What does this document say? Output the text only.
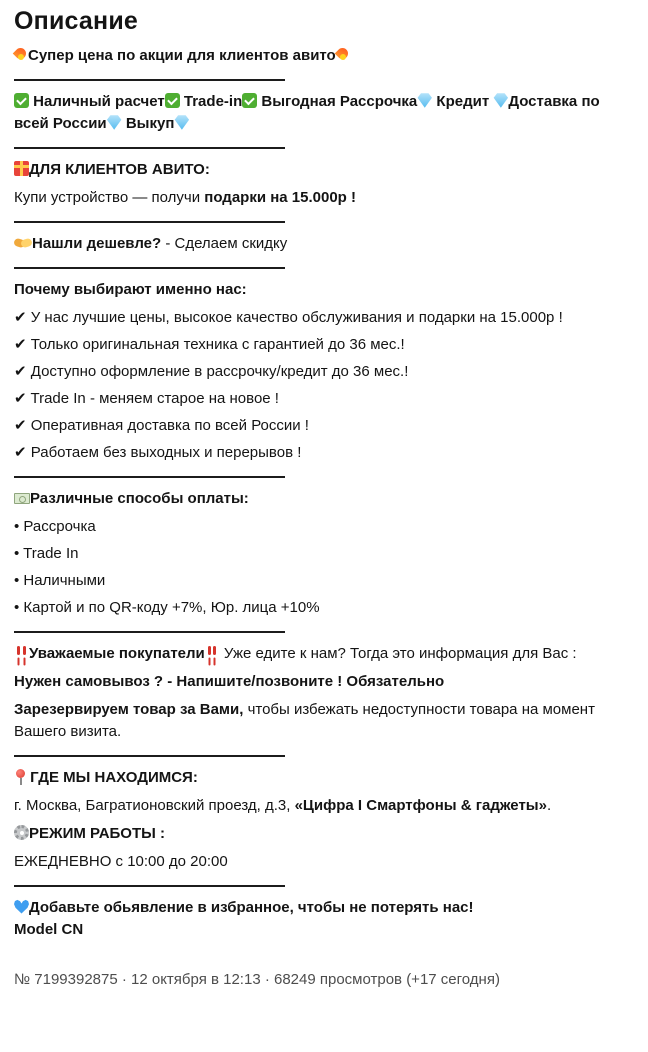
Описание

Супер цена по акции для клиентов авито

Наличный расчет Trade-in Выгодная Рассрочка Кредит Доставка по всей России Выкуп

ДЛЯ КЛИЕНТОВ АВИТО:

Купи устройство — получи подарки на 15.000р !

Нашли дешевле? - Сделаем скидку

Почему выбирают именно нас:

✔ У нас лучшие цены, высокое качество обслуживания и подарки на 15.000р !

✔ Только оригинальная техника с гарантией до 36 мес.!

✔ Доступно оформление в рассрочку/кредит до 36 мес.!

✔ Trade In - меняем старое на новое !

✔ Оперативная доставка по всей России !

✔ Работаем без выходных и перерывов !

Различные способы оплаты:

• Рассрочка

• Trade In

• Наличными

• Картой и по QR-коду +7%, Юр. лица +10%

Уважаемые покупатели Уже едите к нам? Тогда это информация для Вас :

Нужен самовывоз ? - Напишите/позвоните ! Обязательно

Зарезервируем товар за Вами, чтобы избежать недоступности товара на момент Вашего визита.

ГДЕ МЫ НАХОДИМСЯ:

г. Москва, Багратионовский проезд, д.3, «Цифра I Смартфоны & гаджеты».

РЕЖИМ РАБОТЫ :

ЕЖЕДНЕВНО с 10:00 до 20:00

Добавьте обьявление в избранное, чтобы не потерять нас!

Model CN

№ 7199392875 · 12 октября в 12:13 · 68249 просмотров (+17 сегодня)
